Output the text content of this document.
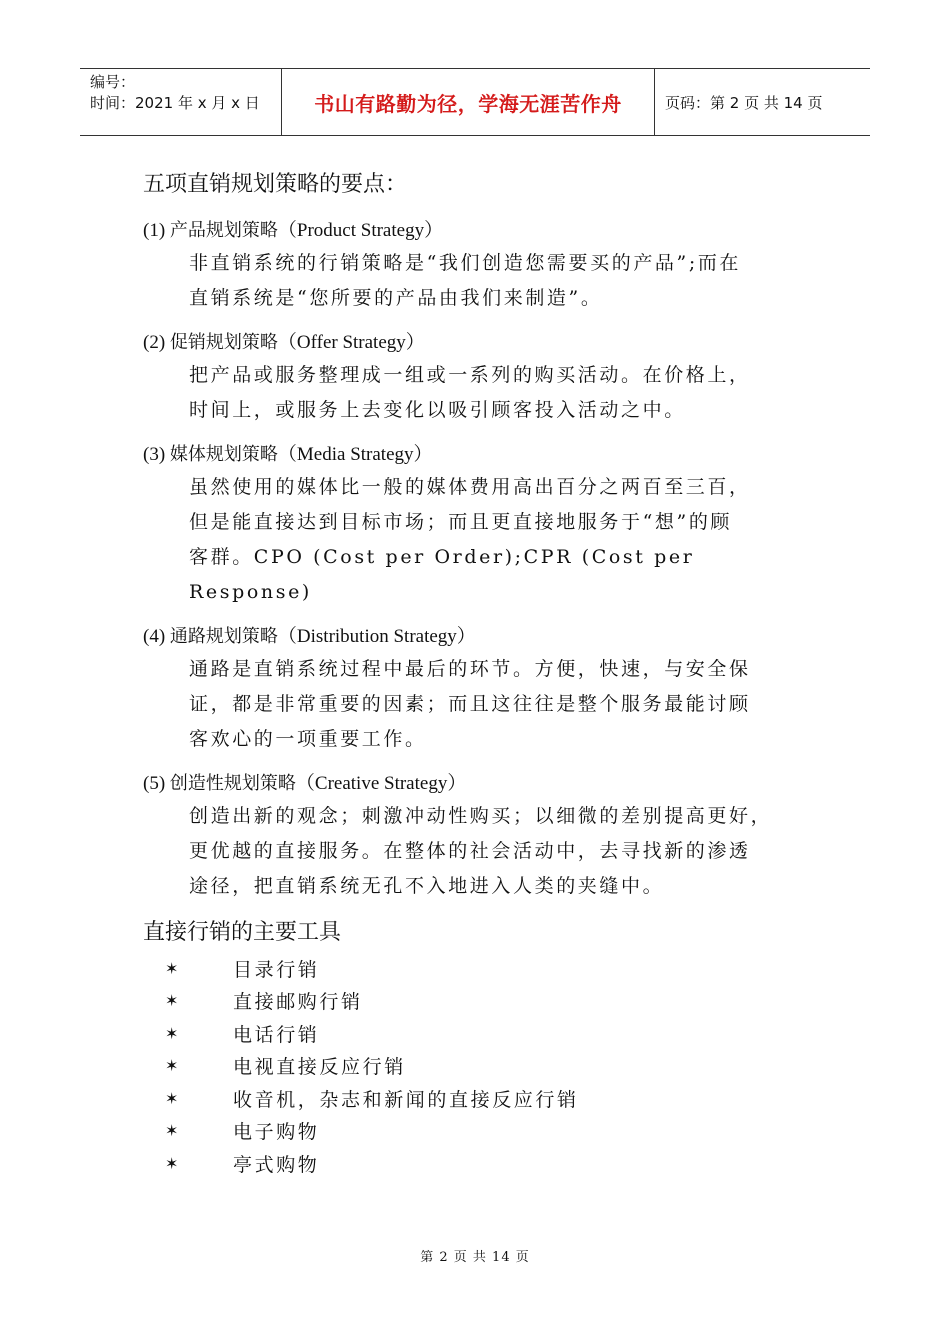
编号：
时间：2021 年 x 月 x 日	书山有路勤为径，学海无涯苦作舟	页码：第 2 页 共 14 页
五项直销规划策略的要点：
(1) 产品规划策略（Product Strategy）
非直销系统的行销策略是“我们创造您需要买的产品”;而在
直销系统是“您所要的产品由我们来制造”。
(2) 促销规划策略（Offer Strategy）
把产品或服务整理成一组或一系列的购买活动。在价格上，
时间上，或服务上去变化以吸引顾客投入活动之中。
(3) 媒体规划策略（Media Strategy）
虽然使用的媒体比一般的媒体费用高出百分之两百至三百，
但是能直接达到目标市场；而且更直接地服务于“想”的顾
客群。CPO (Cost per Order);CPR (Cost per Response)
(4) 通路规划策略（Distribution Strategy）
通路是直销系统过程中最后的环节。方便，快速，与安全保
证，都是非常重要的因素；而且这往往是整个服务最能讨顾
客欢心的一项重要工作。
(5) 创造性规划策略（Creative Strategy）
创造出新的观念；刺激冲动性购买；以细微的差别提高更好，
更优越的直接服务。在整体的社会活动中，去寻找新的渗透
途径，把直销系统无孔不入地进入人类的夹缝中。
直接行销的主要工具
✶	目录行销
✶	直接邮购行销
✶	电话行销
✶	电视直接反应行销
✶	收音机，杂志和新闻的直接反应行销
✶	电子购物
✶	亭式购物
第 2 页 共 14 页
